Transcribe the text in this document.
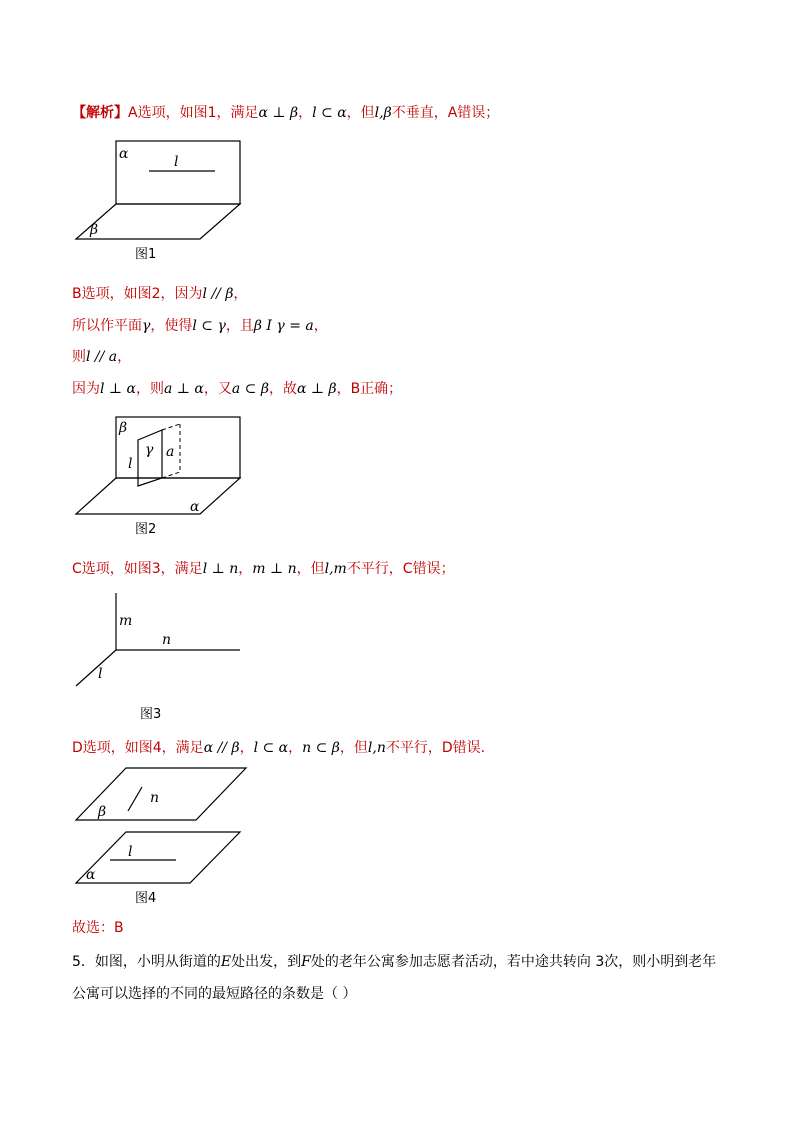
【解析】A选项，如图1，满足α ⊥ β，l ⊂ α，但l,β不垂直，A错误；
α	l
β
图1
B选项，如图2，因为l // β，
所以作平面γ，使得l ⊂ γ，且β I γ = a，
则l // a，
因为l ⊥ α，则a ⊥ α，又a ⊂ β，故α ⊥ β，B正确；
β
γ
l
a
α
图2
C选项，如图3，满足l ⊥ n，m ⊥ n，但l,m不平行，C错误；
m
n
l
图3
D选项，如图4，满足α // β，l ⊂ α，n ⊂ β，但l,n不平行，D错误.
n
β
l
α
图4
故选：B
5．如图，小明从街道的E处出发，到F处的老年公寓参加志愿者活动，若中途共转向 3次，则小明到老年
公寓可以选择的不同的最短路径的条数是（ ）
